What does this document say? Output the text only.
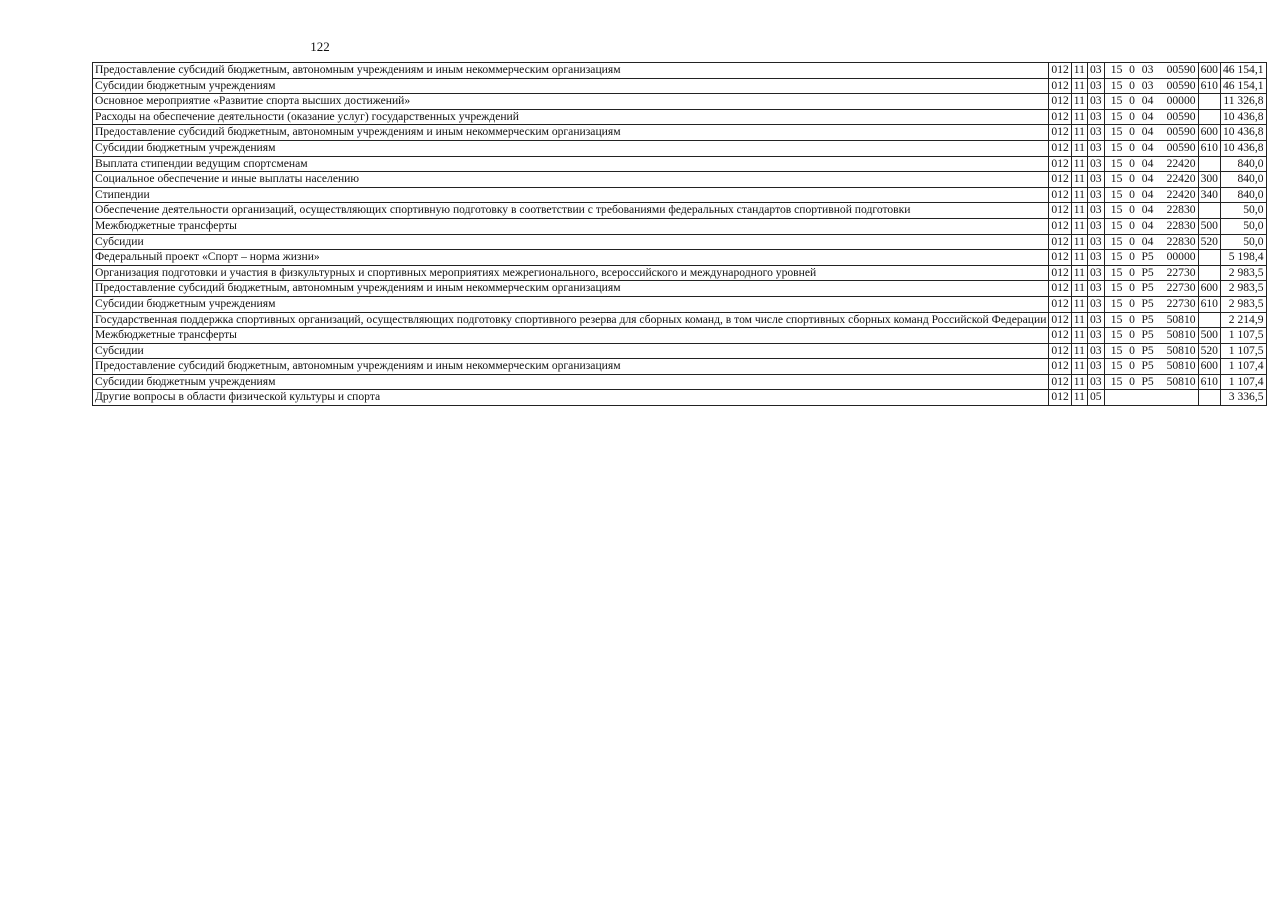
122
Предоставление субсидий бюджетным, автономным учреждениям и иным некоммерческим организациям	012	11	03	15 0 03 00590	600	46 154,1
Субсидии бюджетным учреждениям	012	11	03	15 0 03 00590	610	46 154,1
Основное мероприятие «Развитие спорта высших достижений»	012	11	03	15 0 04 00000		11 326,8
Расходы на обеспечение деятельности (оказание услуг) государственных учреждений	012	11	03	15 0 04 00590		10 436,8
Предоставление субсидий бюджетным, автономным учреждениям и иным некоммерческим организациям	012	11	03	15 0 04 00590	600	10 436,8
Субсидии бюджетным учреждениям	012	11	03	15 0 04 00590	610	10 436,8
Выплата стипендии ведущим спортсменам	012	11	03	15 0 04 22420		840,0
Социальное обеспечение и иные выплаты населению	012	11	03	15 0 04 22420	300	840,0
Стипендии	012	11	03	15 0 04 22420	340	840,0
Обеспечение деятельности организаций, осуществляющих спортивную подготовку в соответствии с требованиями федеральных стандартов спортивной подготовки	012	11	03	15 0 04 22830		50,0
Межбюджетные трансферты	012	11	03	15 0 04 22830	500	50,0
Субсидии	012	11	03	15 0 04 22830	520	50,0
Федеральный проект «Спорт – норма жизни»	012	11	03	15 0 P5 00000		5 198,4
Организация подготовки и участия в физкультурных и спортивных мероприятиях межрегионального, всероссийского и международного уровней	012	11	03	15 0 P5 22730		2 983,5
Предоставление субсидий бюджетным, автономным учреждениям и иным некоммерческим организациям	012	11	03	15 0 P5 22730	600	2 983,5
Субсидии бюджетным учреждениям	012	11	03	15 0 P5 22730	610	2 983,5
Государственная поддержка спортивных организаций, осуществляющих подготовку спортивного резерва для сборных команд, в том числе спортивных сборных команд Российской Федерации	012	11	03	15 0 P5 50810		2 214,9
Межбюджетные трансферты	012	11	03	15 0 P5 50810	500	1 107,5
Субсидии	012	11	03	15 0 P5 50810	520	1 107,5
Предоставление субсидий бюджетным, автономным учреждениям и иным некоммерческим организациям	012	11	03	15 0 P5 50810	600	1 107,4
Субсидии бюджетным учреждениям	012	11	03	15 0 P5 50810	610	1 107,4
Другие вопросы в области физической культуры и спорта	012	11	05			3 336,5
